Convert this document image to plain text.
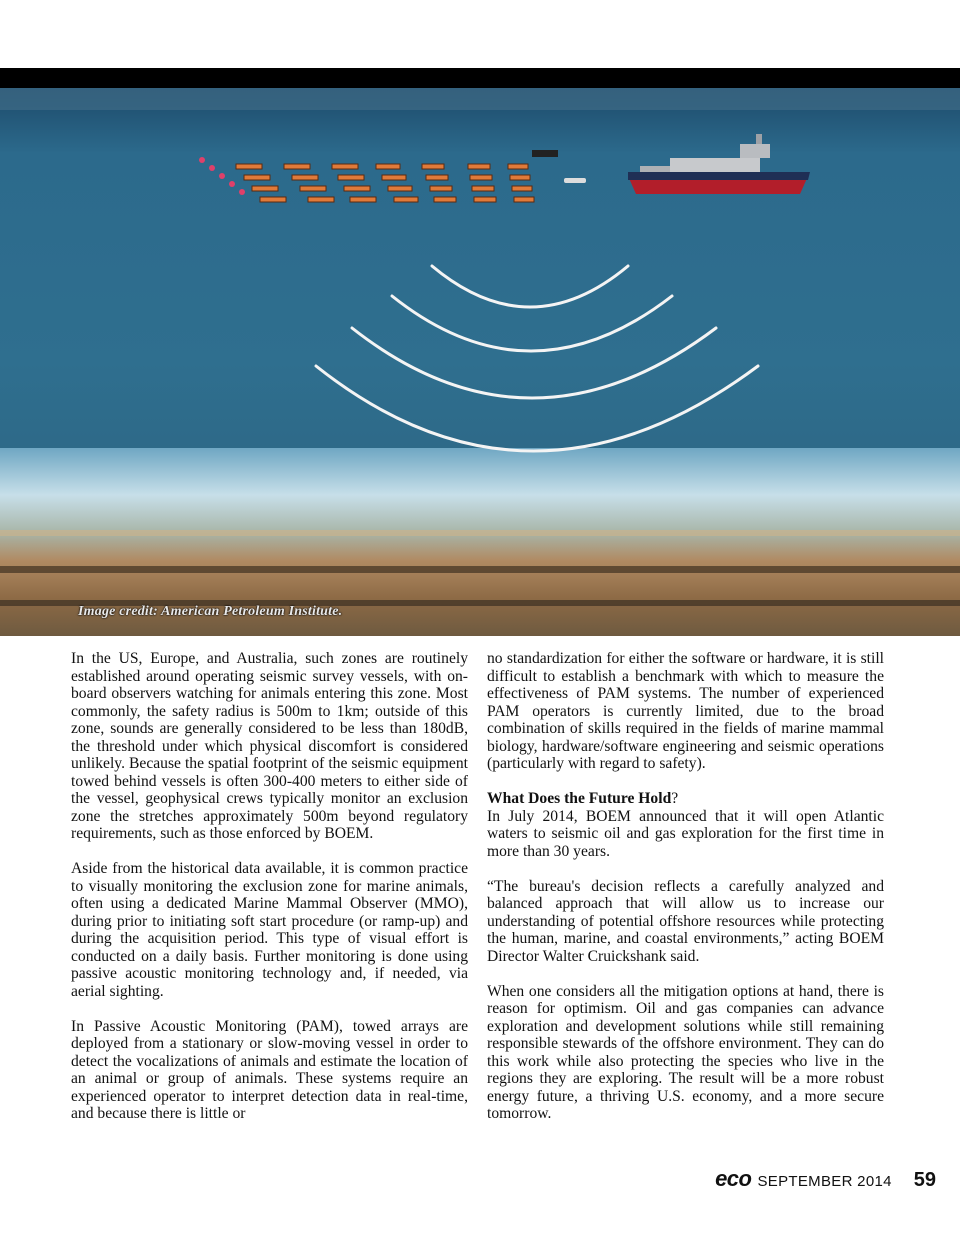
Image credit: American Petroleum Institute.

In the US, Europe, and Australia, such zones are routinely established around operating seismic survey vessels, with on-board observers watching for animals entering this zone. Most commonly, the safety radius is 500m to 1km; outside of this zone, sounds are generally considered to be less than 180dB, the threshold under which physical discomfort is considered unlikely. Because the spatial footprint of the seismic equipment towed behind vessels is often 300-400 meters to either side of the vessel, geophysical crews typically monitor an exclusion zone the stretches approximately 500m beyond regulatory requirements, such as those enforced by BOEM.

Aside from the historical data available, it is common practice to visually monitoring the exclusion zone for marine animals, often using a dedicated Marine Mammal Observer (MMO), during prior to initiating soft start procedure (or ramp-up) and during the acquisition period. This type of visual effort is conducted on a daily basis. Further monitoring is done using passive acoustic monitoring technology and, if needed, via aerial sighting.

In Passive Acoustic Monitoring (PAM), towed arrays are deployed from a stationary or slow-moving vessel in order to detect the vocalizations of animals and estimate the location of an animal or group of animals. These systems require an experienced operator to interpret detection data in real-time, and because there is little or

no standardization for either the software or hardware, it is still difficult to establish a benchmark with which to measure the effectiveness of PAM systems. The number of experienced PAM operators is currently limited, due to the broad combination of skills required in the fields of marine mammal biology, hardware/software engineering and seismic operations (particularly with regard to safety).

What Does the Future Hold?

In July 2014, BOEM announced that it will open Atlantic waters to seismic oil and gas exploration for the first time in more than 30 years.

“The bureau's decision reflects a carefully analyzed and balanced approach that will allow us to increase our understanding of potential offshore resources while protecting the human, marine, and coastal environments,” acting BOEM Director Walter Cruickshank said.

When one considers all the mitigation options at hand, there is reason for optimism. Oil and gas companies can advance exploration and development solutions while still remaining responsible stewards of the offshore environment. They can do this work while also protecting the species who live in the regions they are exploring. The result will be a more robust energy future, a thriving U.S. economy, and a more secure tomorrow.

eco SEPTEMBER 2014 59
